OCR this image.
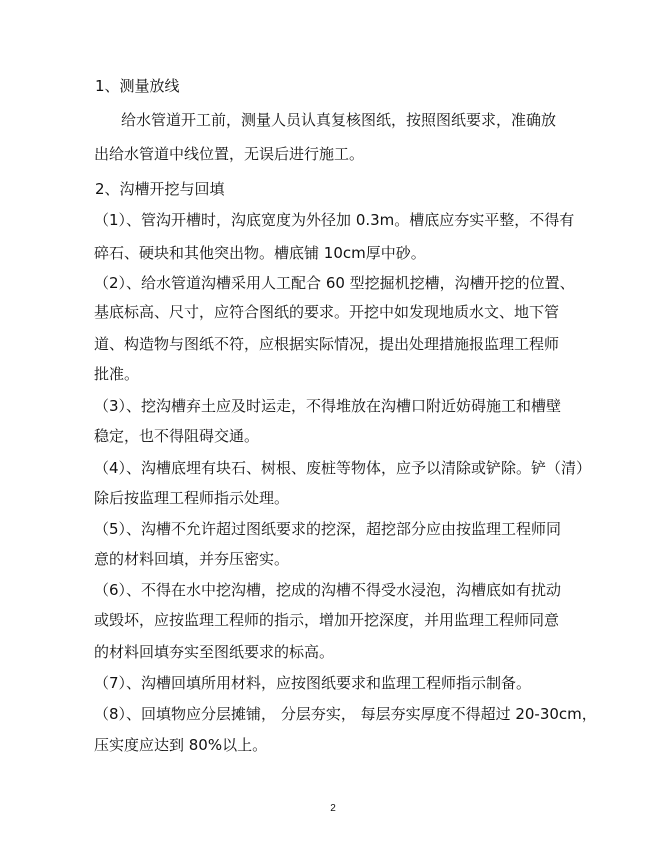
1、测量放线
给水管道开工前，测量人员认真复核图纸，按照图纸要求，准确放
出给水管道中线位置，无误后进行施工。
2、沟槽开挖与回填
（1）、管沟开槽时，沟底宽度为外径加 0.3m。槽底应夯实平整，不得有
碎石、硬块和其他突出物。槽底铺 10cm厚中砂。
（2）、给水管道沟槽采用人工配合 60 型挖掘机挖槽，沟槽开挖的位置、
基底标高、尺寸，应符合图纸的要求。开挖中如发现地质水文、地下管
道、构造物与图纸不符，应根据实际情况，提出处理措施报监理工程师
批准。
（3）、挖沟槽弃土应及时运走，不得堆放在沟槽口附近妨碍施工和槽壁
稳定，也不得阻碍交通。
（4）、沟槽底埋有块石、树根、废桩等物体，应予以清除或铲除。铲（清）
除后按监理工程师指示处理。
（5）、沟槽不允许超过图纸要求的挖深，超挖部分应由按监理工程师同
意的材料回填，并夯压密实。
（6）、不得在水中挖沟槽，挖成的沟槽不得受水浸泡，沟槽底如有扰动
或毁坏，应按监理工程师的指示，增加开挖深度，并用监理工程师同意
的材料回填夯实至图纸要求的标高。
（7）、沟槽回填所用材料，应按图纸要求和监理工程师指示制备。
（8）、回填物应分层摊铺， 分层夯实， 每层夯实厚度不得超过 20-30cm，
压实度应达到 80%以上。
2
